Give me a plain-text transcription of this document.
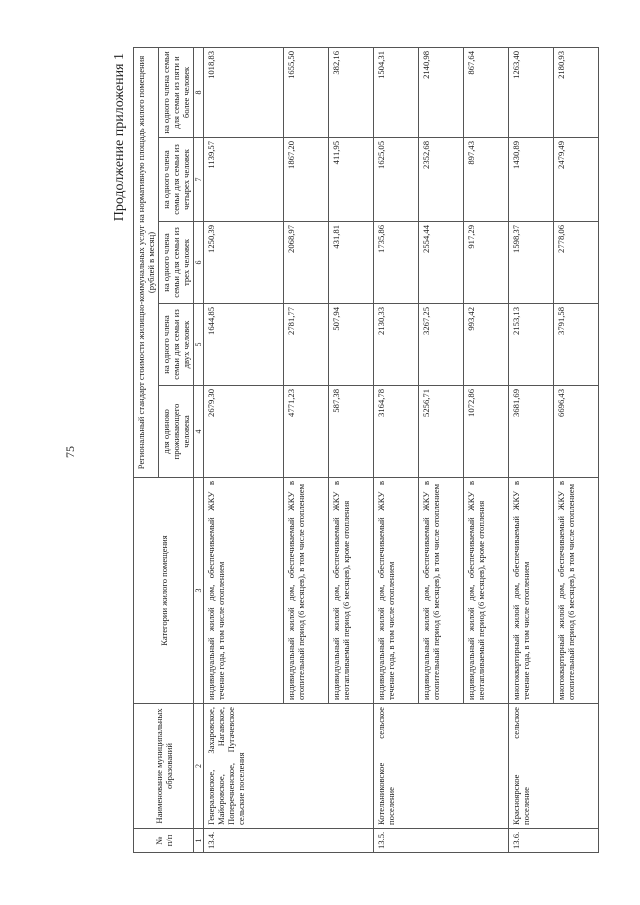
75
Продолжение приложения 1
№ п/п	Наименование муниципальных образований	Категории жилого помещения	Региональный стандарт стоимости жилищно-коммунальных услуг на нормативную площадь жилого помещения (рублей в месяц)				
			для одиноко проживающего человека	на одного члена семьи для семьи из двух человек	на одного члена семьи для семьи из трех человек	на одного члена семьи для семьи из четырех человек	на одного члена семьи для семьи из пяти и более человек
1	2	3	4	5	6	7	8
13.4.	Генераловское, Захаровское, Майоровское, Нагавское, Поперечненское, Пугачевское сельские поселения	индивидуальный жилой дом, обеспечиваемый ЖКУ в течение года, в том числе отоплением	2679,30	1644,85	1250,39	1139,57	1018,83
		индивидуальный жилой дом, обеспечиваемый ЖКУ в отопительный период (6 месяцев), в том числе отоплением	4771,23	2781,77	2068,97	1867,20	1655,50
		индивидуальный жилой дом, обеспечиваемый ЖКУ в неотапливаемый период (6 месяцев), кроме отопления	587,38	507,94	431,81	411,95	382,16
13.5.	Котельниковское сельское поселение	индивидуальный жилой дом, обеспечиваемый ЖКУ в течение года, в том числе отоплением	3164,78	2130,33	1735,86	1625,05	1504,31
		индивидуальный жилой дом, обеспечиваемый ЖКУ в отопительный период (6 месяцев), в том числе отоплением	5256,71	3267,25	2554,44	2352,68	2140,98
		индивидуальный жилой дом, обеспечиваемый ЖКУ в неотапливаемый период (6 месяцев), кроме отопления	1072,86	993,42	917,29	897,43	867,64
13.6.	Красноярское сельское поселение	многоквартирный жилой дом, обеспечиваемый ЖКУ в течение года, в том числе отоплением	3681,69	2153,13	1598,37	1430,89	1263,40
		многоквартирный жилой дом, обеспечиваемый ЖКУ в отопительный период (6 месяцев), в том числе отоплением	6696,43	3791,58	2778,06	2479,49	2180,93
